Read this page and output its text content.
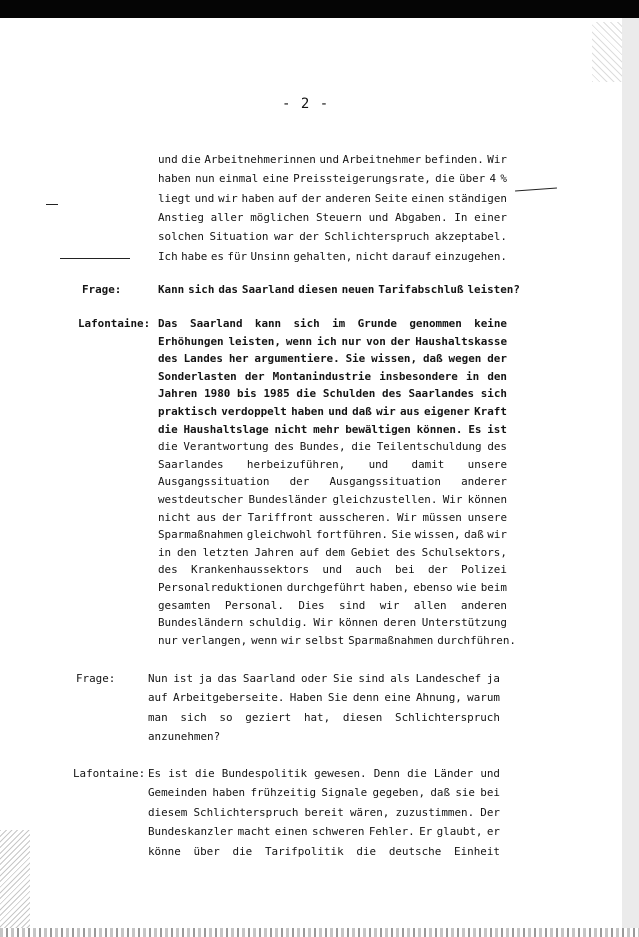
- 2 -
Frage:
Lafontaine:
Frage:
Lafontaine:
und die Arbeitnehmerinnen und Arbeitnehmer befinden. Wir
haben nun einmal eine Preissteigerungsrate, die über 4 %
liegt und wir haben auf der anderen Seite einen ständigen
Anstieg aller möglichen Steuern und Abgaben. In einer
solchen Situation war der Schlichterspruch akzeptabel.
Ich habe es für Unsinn gehalten, nicht darauf einzugehen.
Kann sich das Saarland diesen neuen Tarifabschluß leisten?
Das Saarland kann sich im Grunde genommen keine
Erhöhungen leisten, wenn ich nur von der Haushaltskasse
des Landes her argumentiere. Sie wissen, daß wegen der
Sonderlasten der Montanindustrie insbesondere in den
Jahren 1980 bis 1985 die Schulden des Saarlandes sich
praktisch verdoppelt haben und daß wir aus eigener Kraft
die Haushaltslage nicht mehr bewältigen können. Es ist
die Verantwortung des Bundes, die Teilentschuldung des
Saarlandes herbeizuführen, und damit unsere
Ausgangssituation der Ausgangssituation anderer
westdeutscher Bundesländer gleichzustellen. Wir können
nicht aus der Tariffront ausscheren. Wir müssen unsere
Sparmaßnahmen gleichwohl fortführen. Sie wissen, daß wir
in den letzten Jahren auf dem Gebiet des Schulsektors,
des Krankenhaussektors und auch bei der Polizei
Personalreduktionen durchgeführt haben, ebenso wie beim
gesamten Personal. Dies sind wir allen anderen
Bundesländern schuldig. Wir können deren Unterstützung
nur verlangen, wenn wir selbst Sparmaßnahmen durchführen.
Nun ist ja das Saarland oder Sie sind als Landeschef ja
auf Arbeitgeberseite. Haben Sie denn eine Ahnung, warum
man sich so geziert hat, diesen Schlichterspruch
anzunehmen?
Es ist die Bundespolitik gewesen. Denn die Länder und
Gemeinden haben frühzeitig Signale gegeben, daß sie bei
diesem Schlichterspruch bereit wären, zuzustimmen. Der
Bundeskanzler macht einen schweren Fehler. Er glaubt, er
könne über die Tarifpolitik die deutsche Einheit
